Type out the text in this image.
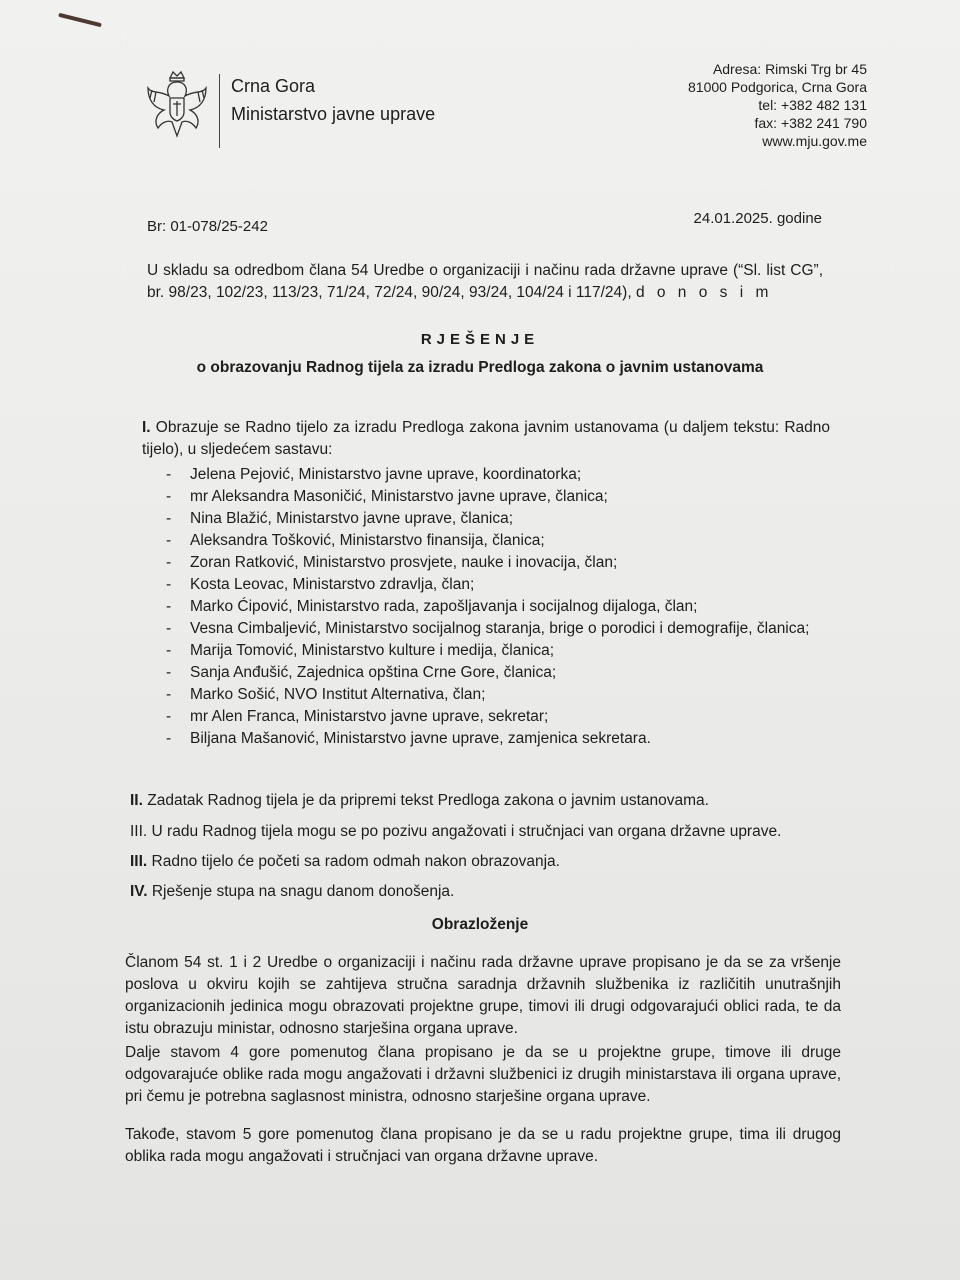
Crna Gora
Ministarstvo javne uprave
Adresa: Rimski Trg br 45
81000 Podgorica, Crna Gora
tel: +382 482 131
fax: +382 241 790
www.mju.gov.me
Br: 01-078/25-242	24.01.2025. godine
U skladu sa odredbom člana 54 Uredbe o organizaciji i načinu rada državne uprave (“Sl. list CG”, br. 98/23, 102/23, 113/23, 71/24, 72/24, 90/24, 93/24, 104/24 i 117/24), d o n o s i m
RJEŠENJE
o obrazovanju Radnog tijela za izradu Predloga zakona o javnim ustanovama
I. Obrazuje se Radno tijelo za izradu Predloga zakona javnim ustanovama (u daljem tekstu: Radno tijelo), u sljedećem sastavu:
- Jelena Pejović, Ministarstvo javne uprave, koordinatorka;
- mr Aleksandra Masoničić, Ministarstvo javne uprave, članica;
- Nina Blažić, Ministarstvo javne uprave, članica;
- Aleksandra Tošković, Ministarstvo finansija, članica;
- Zoran Ratković, Ministarstvo prosvjete, nauke i inovacija, član;
- Kosta Leovac, Ministarstvo zdravlja, član;
- Marko Ćipović, Ministarstvo rada, zapošljavanja i socijalnog dijaloga, član;
- Vesna Cimbaljević, Ministarstvo socijalnog staranja, brige o porodici i demografije, članica;
- Marija Tomović, Ministarstvo kulture i medija, članica;
- Sanja Anđušić, Zajednica opština Crne Gore, članica;
- Marko Sošić, NVO Institut Alternativa, član;
- mr Alen Franca, Ministarstvo javne uprave, sekretar;
- Biljana Mašanović, Ministarstvo javne uprave, zamjenica sekretara.
II. Zadatak Radnog tijela je da pripremi tekst Predloga zakona o javnim ustanovama.
III. U radu Radnog tijela mogu se po pozivu angažovati i stručnjaci van organa državne uprave.
III. Radno tijelo će početi sa radom odmah nakon obrazovanja.
IV. Rješenje stupa na snagu danom donošenja.
Obrazloženje
Članom 54 st. 1 i 2 Uredbe o organizaciji i načinu rada državne uprave propisano je da se za vršenje poslova u okviru kojih se zahtijeva stručna saradnja državnih službenika iz različitih unutrašnjih organizacionih jedinica mogu obrazovati projektne grupe, timovi ili drugi odgovarajući oblici rada, te da istu obrazuju ministar, odnosno starješina organa uprave.
Dalje stavom 4 gore pomenutog člana propisano je da se u projektne grupe, timove ili druge odgovarajuće oblike rada mogu angažovati i državni službenici iz drugih ministarstava ili organa uprave, pri čemu je potrebna saglasnost ministra, odnosno starješine organa uprave.
Takođe, stavom 5 gore pomenutog člana propisano je da se u radu projektne grupe, tima ili drugog oblika rada mogu angažovati i stručnjaci van organa državne uprave.
